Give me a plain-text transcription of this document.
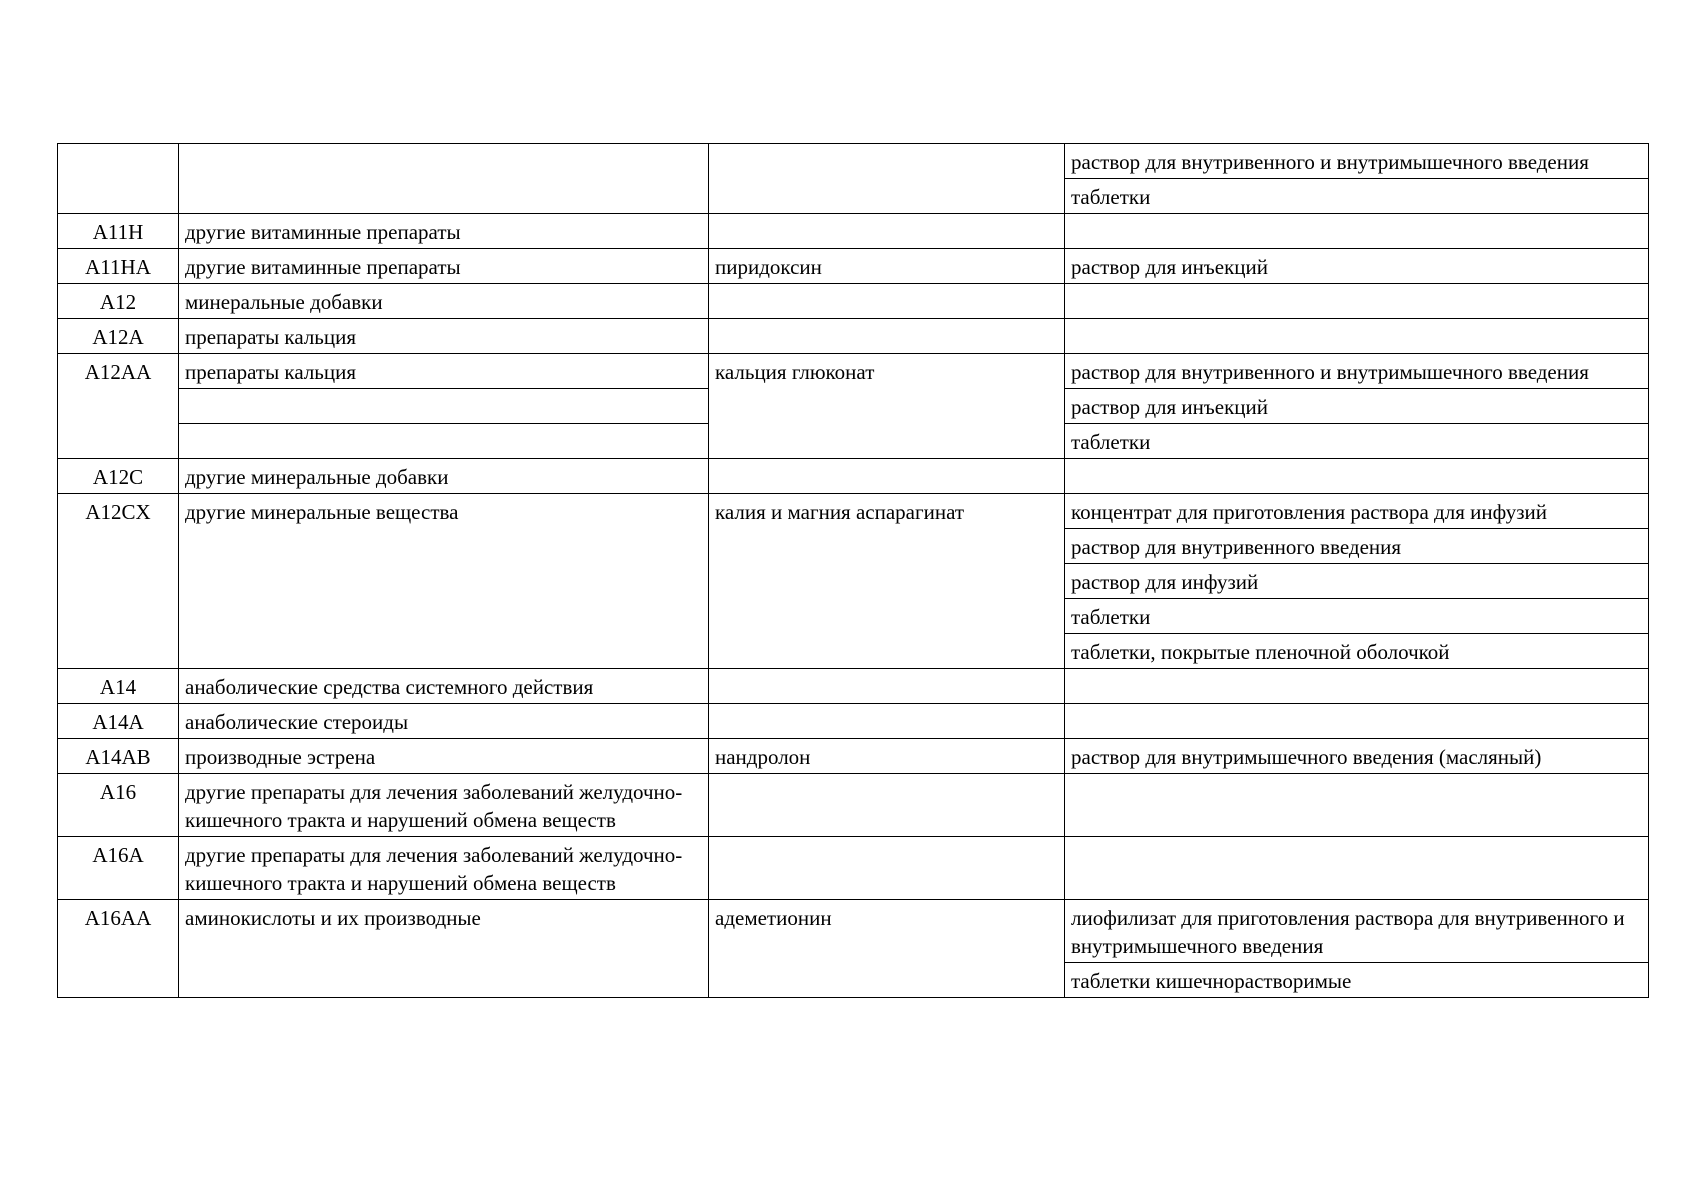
			раствор для внутривенного и внутримышечного введения
			таблетки
A11H	другие витаминные препараты		
A11HA	другие витаминные препараты	пиридоксин	раствор для инъекций
A12	минеральные добавки		
A12A	препараты кальция		
A12AA	препараты кальция	кальция глюконат	раствор для внутривенного и внутримышечного введения
			раствор для инъекций
			таблетки
A12C	другие минеральные добавки		
A12CX	другие минеральные вещества	калия и магния аспарагинат	концентрат для приготовления раствора для инфузий
			раствор для внутривенного введения
			раствор для инфузий
			таблетки
			таблетки, покрытые пленочной оболочкой
A14	анаболические средства системного действия		
A14A	анаболические стероиды		
A14AB	производные эстрена	нандролон	раствор для внутримышечного введения (масляный)
A16	другие препараты для лечения заболеваний желудочно-кишечного тракта и нарушений обмена веществ		
A16A	другие препараты для лечения заболеваний желудочно-кишечного тракта и нарушений обмена веществ		
A16AA	аминокислоты и их производные	адеметионин	лиофилизат для приготовления раствора для внутривенного и внутримышечного введения
			таблетки кишечнорастворимые
